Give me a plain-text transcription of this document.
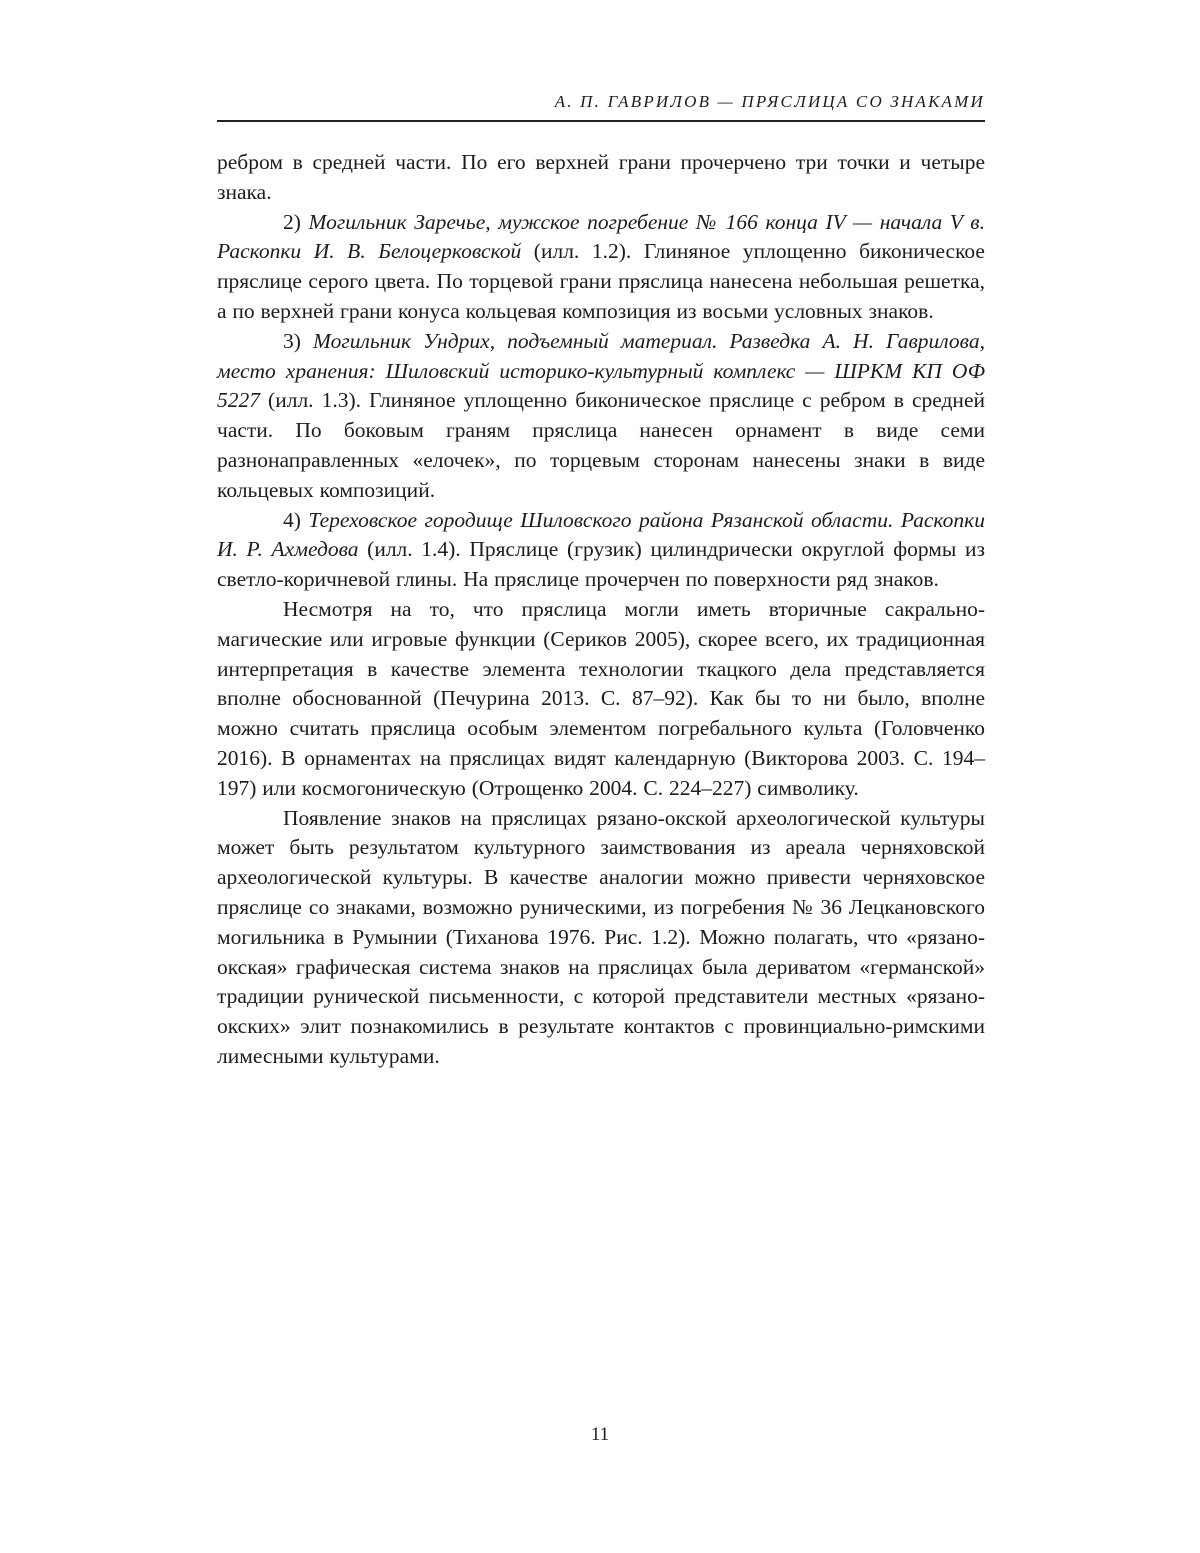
А. П. ГАВРИЛОВ — ПРЯСЛИЦА СО ЗНАКАМИ

ребром в средней части. По его верхней грани прочерчено три точки и четыре знака.

2) Могильник Заречье, мужское погребение № 166 конца IV — начала V в. Раскопки И. В. Белоцерковской (илл. 1.2). Глиняное уплощенно биконическое пряслице серого цвета. По торцевой грани пряслица нанесена небольшая решетка, а по верхней грани конуса кольцевая композиция из восьми условных знаков.

3) Могильник Ундрих, подъемный материал. Разведка А. Н. Гаврилова, место хранения: Шиловский историко-культурный комплекс — ШРКМ КП ОФ 5227 (илл. 1.3). Глиняное уплощенно биконическое пряслице с ребром в средней части. По боковым граням пряслица нанесен орнамент в виде семи разнонаправленных «елочек», по торцевым сторонам нанесены знаки в виде кольцевых композиций.

4) Тереховское городище Шиловского района Рязанской области. Раскопки И. Р. Ахмедова (илл. 1.4). Пряслице (грузик) цилиндрически округлой формы из светло-коричневой глины. На пряслице прочерчен по поверхности ряд знаков.

Несмотря на то, что пряслица могли иметь вторичные сакрально-магические или игровые функции (Сериков 2005), скорее всего, их традиционная интерпретация в качестве элемента технологии ткацкого дела представляется вполне обоснованной (Печурина 2013. С. 87–92). Как бы то ни было, вполне можно считать пряслица особым элементом погребального культа (Головченко 2016). В орнаментах на пряслицах видят календарную (Викторова 2003. С. 194–197) или космогоническую (Отрощенко 2004. С. 224–227) символику.

Появление знаков на пряслицах рязано-окской археологической культуры может быть результатом культурного заимствования из ареала черняховской археологической культуры. В качестве аналогии можно привести черняховское пряслице со знаками, возможно руническими, из погребения № 36 Лецкановского могильника в Румынии (Тиханова 1976. Рис. 1.2). Можно полагать, что «рязано-окская» графическая система знаков на пряслицах была дериватом «германской» традиции рунической письменности, с которой представители местных «рязано-окских» элит познакомились в результате контактов с провинциально-римскими лимесными культурами.

11
